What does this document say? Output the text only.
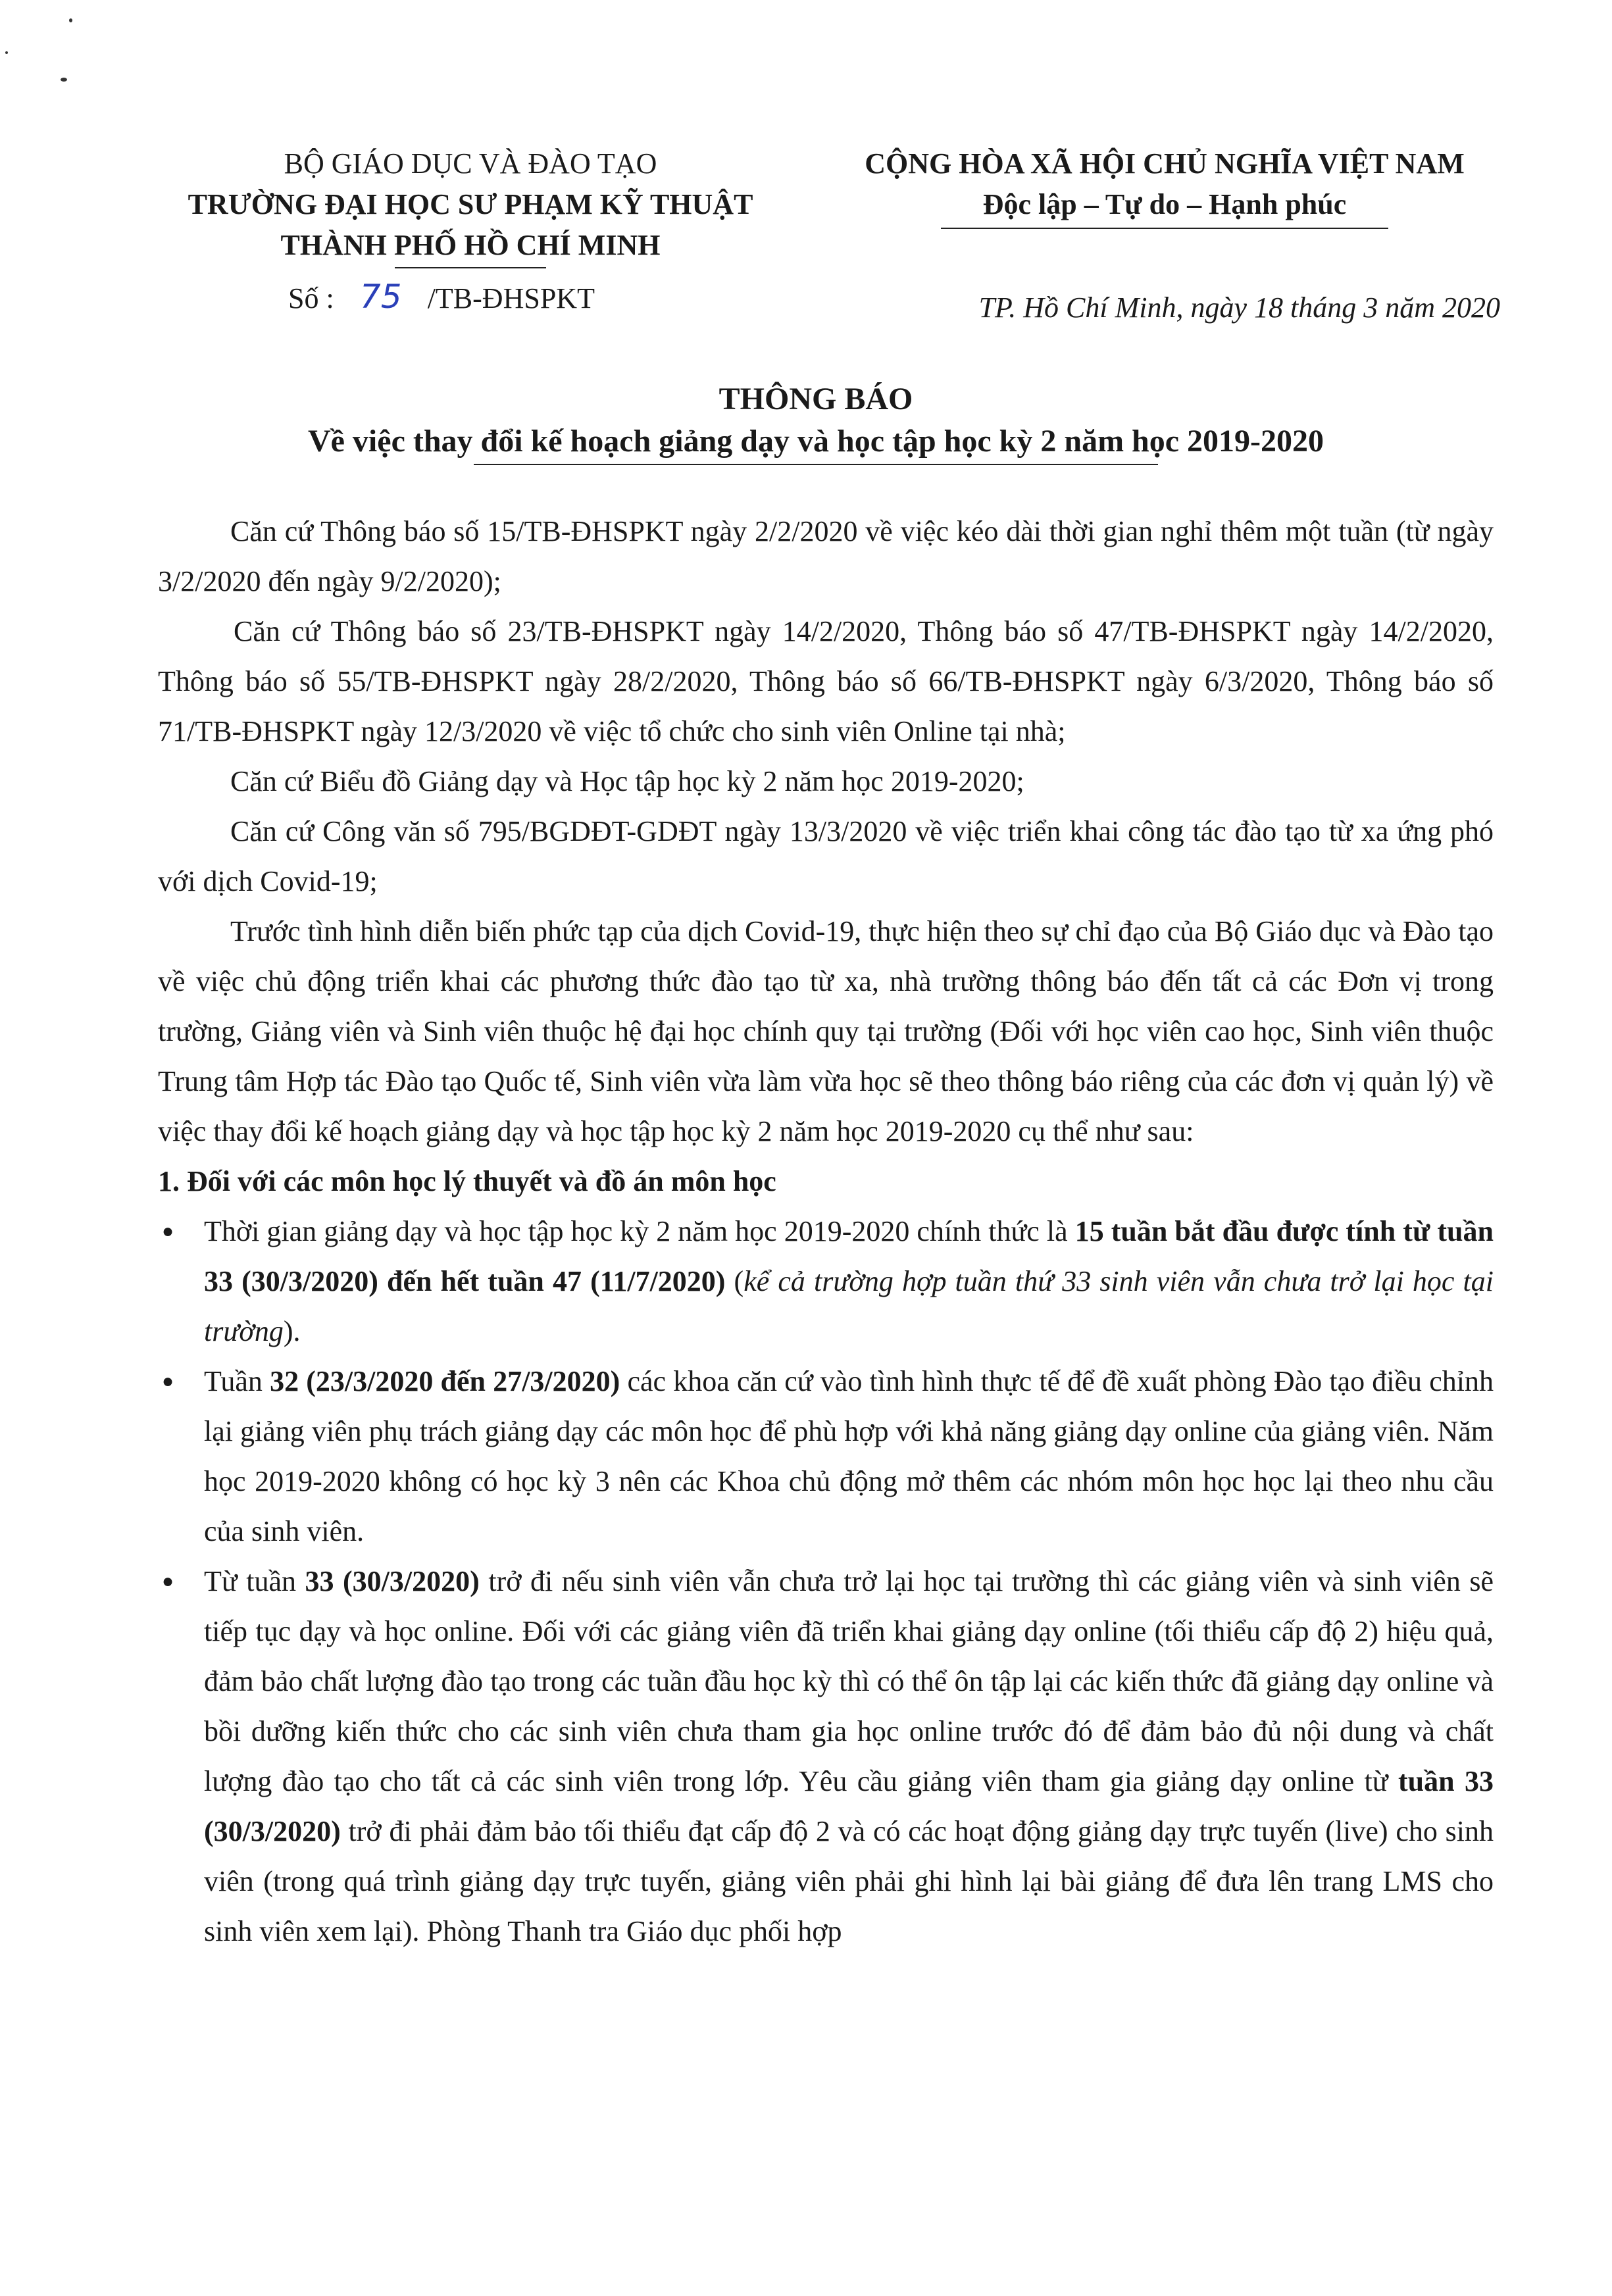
BỘ GIÁO DỤC VÀ ĐÀO TẠO
TRƯỜNG ĐẠI HỌC SƯ PHẠM KỸ THUẬT
THÀNH PHỐ HỒ CHÍ MINH
Số : 75 /TB-ĐHSPKT
CỘNG HÒA XÃ HỘI CHỦ NGHĨA VIỆT NAM
Độc lập – Tự do – Hạnh phúc
TP. Hồ Chí Minh, ngày 18 tháng 3 năm 2020
THÔNG BÁO
Về việc thay đổi kế hoạch giảng dạy và học tập học kỳ 2 năm học 2019-2020

Căn cứ Thông báo số 15/TB-ĐHSPKT ngày 2/2/2020 về việc kéo dài thời gian nghỉ thêm một tuần (từ ngày 3/2/2020 đến ngày 9/2/2020);

Căn cứ Thông báo số 23/TB-ĐHSPKT ngày 14/2/2020, Thông báo số 47/TB-ĐHSPKT ngày 14/2/2020, Thông báo số 55/TB-ĐHSPKT ngày 28/2/2020, Thông báo số 66/TB-ĐHSPKT ngày 6/3/2020, Thông báo số 71/TB-ĐHSPKT ngày 12/3/2020 về việc tổ chức cho sinh viên Online tại nhà;

Căn cứ Biểu đồ Giảng dạy và Học tập học kỳ 2 năm học 2019-2020;

Căn cứ Công văn số 795/BGDĐT-GDĐT ngày 13/3/2020 về việc triển khai công tác đào tạo từ xa ứng phó với dịch Covid-19;

Trước tình hình diễn biến phức tạp của dịch Covid-19, thực hiện theo sự chỉ đạo của Bộ Giáo dục và Đào tạo về việc chủ động triển khai các phương thức đào tạo từ xa, nhà trường thông báo đến tất cả các Đơn vị trong trường, Giảng viên và Sinh viên thuộc hệ đại học chính quy tại trường (Đối với học viên cao học, Sinh viên thuộc Trung tâm Hợp tác Đào tạo Quốc tế, Sinh viên vừa làm vừa học sẽ theo thông báo riêng của các đơn vị quản lý) về việc thay đổi kế hoạch giảng dạy và học tập học kỳ 2 năm học 2019-2020 cụ thể như sau:

1. Đối với các môn học lý thuyết và đồ án môn học
● Thời gian giảng dạy và học tập học kỳ 2 năm học 2019-2020 chính thức là 15 tuần bắt đầu được tính từ tuần 33 (30/3/2020) đến hết tuần 47 (11/7/2020) (kể cả trường hợp tuần thứ 33 sinh viên vẫn chưa trở lại học tại trường).
● Tuần 32 (23/3/2020 đến 27/3/2020) các khoa căn cứ vào tình hình thực tế để đề xuất phòng Đào tạo điều chỉnh lại giảng viên phụ trách giảng dạy các môn học để phù hợp với khả năng giảng dạy online của giảng viên. Năm học 2019-2020 không có học kỳ 3 nên các Khoa chủ động mở thêm các nhóm môn học học lại theo nhu cầu của sinh viên.
● Từ tuần 33 (30/3/2020) trở đi nếu sinh viên vẫn chưa trở lại học tại trường thì các giảng viên và sinh viên sẽ tiếp tục dạy và học online. Đối với các giảng viên đã triển khai giảng dạy online (tối thiểu cấp độ 2) hiệu quả, đảm bảo chất lượng đào tạo trong các tuần đầu học kỳ thì có thể ôn tập lại các kiến thức đã giảng dạy online và bồi dưỡng kiến thức cho các sinh viên chưa tham gia học online trước đó để đảm bảo đủ nội dung và chất lượng đào tạo cho tất cả các sinh viên trong lớp. Yêu cầu giảng viên tham gia giảng dạy online từ tuần 33 (30/3/2020) trở đi phải đảm bảo tối thiểu đạt cấp độ 2 và có các hoạt động giảng dạy trực tuyến (live) cho sinh viên (trong quá trình giảng dạy trực tuyến, giảng viên phải ghi hình lại bài giảng để đưa lên trang LMS cho sinh viên xem lại). Phòng Thanh tra Giáo dục phối hợp
